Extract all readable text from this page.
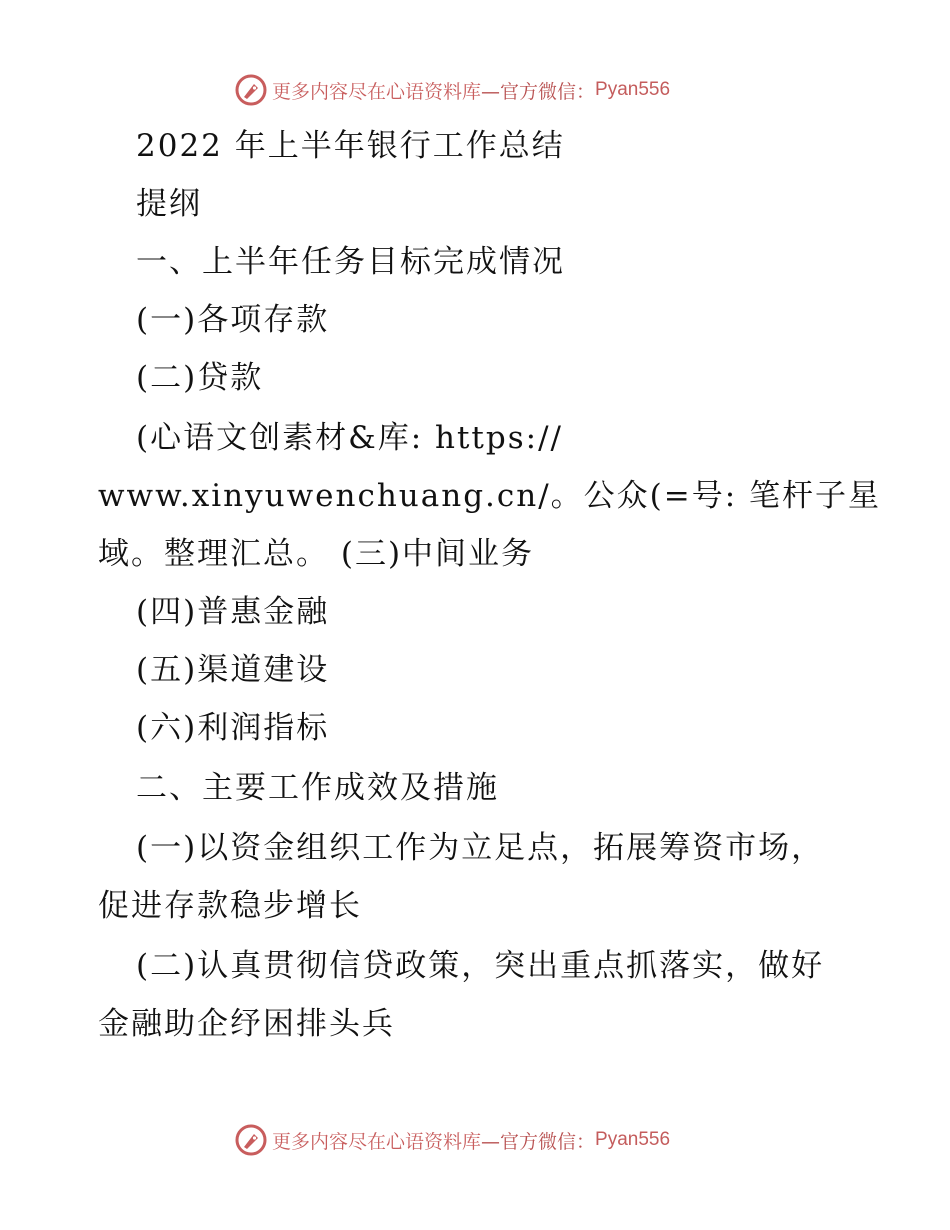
更多内容尽在心语资料库 —官方微信： Pyan556
2022 年上半年银行工作总结
提纲
一、上半年任务目标完成情况
(一)各项存款
(二)贷款
(心语文创素材&库: https://
www.xinyuwenchuang.cn/。公众(=号: 笔杆子星
域。整理汇总。 (三)中间业务
(四)普惠金融
(五)渠道建设
(六)利润指标
二、主要工作成效及措施
(一)以资金组织工作为立足点，拓展筹资市场，
促进存款稳步增长
(二)认真贯彻信贷政策，突出重点抓落实，做好
金融助企纾困排头兵
更多内容尽在心语资料库 —官方微信： Pyan556
